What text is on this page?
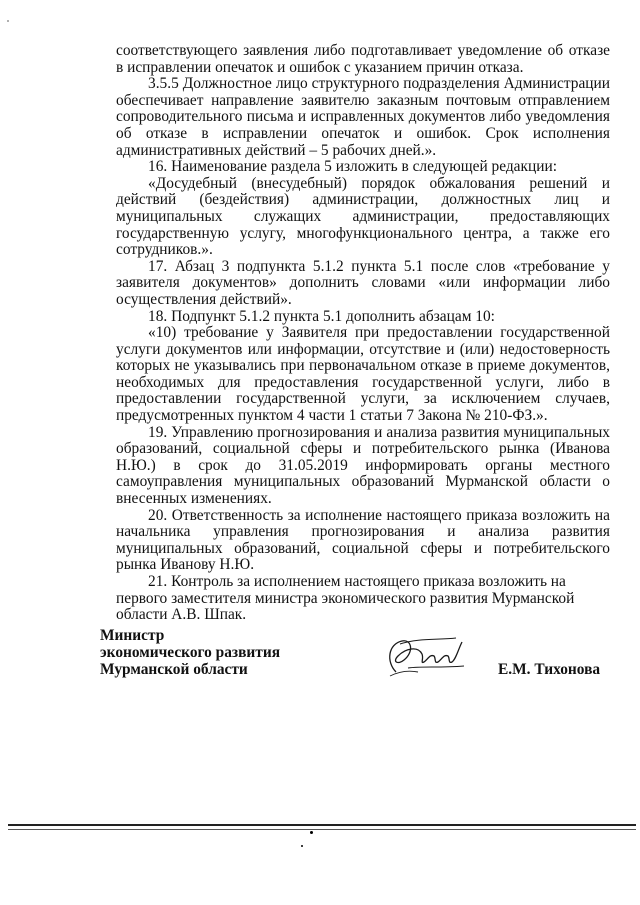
соответствующего заявления либо подготавливает уведомление об отказе в исправлении опечаток и ошибок с указанием причин отказа.

3.5.5 Должностное лицо структурного подразделения Администрации обеспечивает направление заявителю заказным почтовым отправлением сопроводительного письма и исправленных документов либо уведомления об отказе в исправлении опечаток и ошибок. Срок исполнения административных действий – 5 рабочих дней.».

16. Наименование раздела 5 изложить в следующей редакции:

«Досудебный (внесудебный) порядок обжалования решений и действий (бездействия) администрации, должностных лиц и муниципальных служащих администрации, предоставляющих государственную услугу, многофункционального центра, а также его сотрудников.».

17. Абзац 3 подпункта 5.1.2 пункта 5.1 после слов «требование у заявителя документов» дополнить словами «или информации либо осуществления действий».

18. Подпункт 5.1.2 пункта 5.1 дополнить абзацам 10:

«10) требование у Заявителя при предоставлении государственной услуги документов или информации, отсутствие и (или) недостоверность которых не указывались при первоначальном отказе в приеме документов, необходимых для предоставления государственной услуги, либо в предоставлении государственной услуги, за исключением случаев, предусмотренных пунктом 4 части 1 статьи 7 Закона № 210-ФЗ.».

19. Управлению прогнозирования и анализа развития муниципальных образований, социальной сферы и потребительского рынка (Иванова Н.Ю.) в срок до 31.05.2019 информировать органы местного самоуправления муниципальных образований Мурманской области о внесенных изменениях.

20. Ответственность за исполнение настоящего приказа возложить на начальника управления прогнозирования и анализа развития муниципальных образований, социальной сферы и потребительского рынка Иванову Н.Ю.

21. Контроль за исполнением настоящего приказа возложить на первого заместителя министра экономического развития Мурманской области А.В. Шпак.

Министр
экономического развития
Мурманской области	Е.М. Тихонова
